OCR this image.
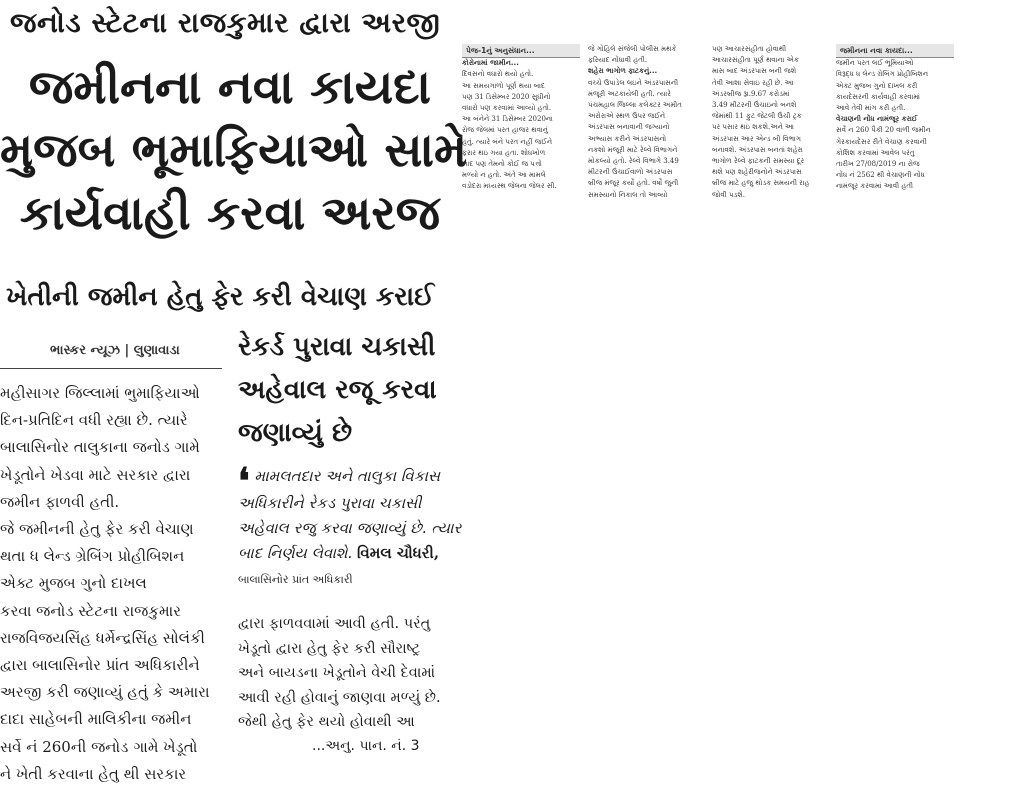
જનોડ સ્ટેટના રાજકુમાર દ્વારા અરજી
જમીનના નવા કાયદા
મુજબ ભૂમાફિયાઓ સામે
કાર્યવાહી કરવા અરજ
ખેતીની જમીન હેતુ ફેર કરી વેચાણ કરાઈ
ભાસ્કર ન્યૂઝ | લુણાવાડા
મહીસાગર જિલ્લામાં ભુમાફિયાઓ
દિન-પ્રતિદિન વધી રહ્યા છે. ત્યારે
બાલાસિનોર તાલુકાના જનોડ ગામે
ખેડૂતોને ખેડવા માટે સરકાર દ્વારા
જમીન ફાળવી હતી.
જે જમીનની હેતુ ફેર કરી વેચાણ
થતા ધ લેન્ડ ગ્રેબિંગ પ્રોહીબિશન
એક્ટ મુજબ ગુનો દાખલ
કરવા જનોડ સ્ટેટના રાજકુમાર
રાજવિજયસિંહ ધર્મેન્દ્રસિંહ સોલંકી
દ્વારા બાલાસિનોર પ્રાંત અધિકારીને
અરજી કરી જણાવ્યું હતું કે અમારા
દાદા સાહેબની માલિકીના જમીન
સર્વે નં 260ની જનોડ ગામે ખેડૂતો
ને ખેતી કરવાના હેતુ થી સરકાર
રેકર્ડ પુરાવા ચકાસી
અહેવાલ રજૂ કરવા
જણાવ્યું છે
❛ મામલતદાર અને તાલુકા વિકાસ અધિકારીને રેકડ પુરાવા ચકાસી અહેવાલ રજુ કરવા જણાવ્યું છે. ત્યાર બાદ નિર્ણય લેવાશે. વિમલ ચૌધરી, બાલાસિનોર પ્રાંત અધિકારી
દ્વારા ફાળવવામાં આવી હતી. પરંતુ
ખેડૂતો દ્વારા હેતુ ફેર કરી સૌરાષ્ટ્ર
અને બાયડના ખેડૂતોને વેચી દેવામાં
આવી રહી હોવાનું જાણવા મળ્યું છે.
જેથી હેતુ ફેર થયો હોવાથી આ
...અનુ. પાન. નં. 3
પેજ-1નું અનુસંધાન...
કોરોનામાં જામીન...
દિવસનો વધારો થયો હતો.
આ સમયગાળો પૂર્ણ થયા બાદ
પણ 31 ડિસેમ્બર 2020 સુધીનો
વધારો પણ કરવામાં આવ્યો હતો.
આ બંનેને 31 ડિસેમ્બર 2020ના
રોજ જેલમાં પરત હાજર થવાનું
હતું. ત્યારે બંને પરત નહીં જઈને
ફરાર થઇ ગયા હતા. શોધખોળ
બાદ પણ તેમનો કોઈ જ પત્તો
મળ્યો ન હતો. અંતે આ મામલે
વડોદરા મધ્યસ્થ જેલના જેલર સી.
જે ગોહિલે સંજેલી પોલીસ મથકે
ફરિયાદ નોંધાવી હતી.
શહેરા ભાગોળ ફાટકનું...
વચ્ચે ઉપાડેલ લઇને અંડરપાસની
મંજૂરી અટકાયેલી હતી. ત્યારે
પંચમહાલ જિલ્લા કલેક્ટર અમીત
અરોરાએ સ્થળ ઉપર જઈને
અંડરપાસ બનાવાની જગ્યાનો
અભ્યાસ કરીને અંડરપાસનો
નકશો મંજૂરી માટે રેલ્વે વિભાગને
મોકલ્યો હતો. રેલ્વે વિભાગે 3.49
મીટરની ઉંચાઈવાળો અંડરપાસ
બ્રીજ મંજૂર કર્યો હતો. વર્ષો જુની
સમસ્યાનો નિકાલ તો આવ્યો
પણ આચારસંહીતા હોવાથી
આચારસંહીતા પૂર્ણ થવાના એક
માસ બાદ અંડરપાસ બની જશે
તેવી આશા સેવાઇ રહી છે. આ
અંડરબ્રીજ રૂા.9.67 કરોડમાં
3.49 મીટરની ઉંચાઇનો બનશે
જેમાંથી 11 ફુટ જેટલી ઉંચી ટ્રક
પર પસાર થઇ શકશે.અને આ
અંડરપાસ આર એન્ડ બી વિભાગ
બનાવશે. અંડરપાસ બનતાં શહેરા
ભાગોળ રેલ્વે ફાટકની સમસ્યા દૂર
થશે પણ શહેરીજનોને અંડરપાસ
બ્રીજ માટે હજુ થોડક સમયની રાહ
જોવી પડશે.
જમીનના નવા કાયદા...
જમીન પરત લઈ ભૂમિયાઓ
વિરૂદ્ધ ધ લેન્ડ ગ્રેબિંગ પ્રોહીબિશન
એક્ટ મુજબ ગુનો દાખલ કરી
કાયદેસરની કાર્યવાહી કરવામાં
આવે તેવી માંગ કરી હતી.
વેચાણની નોંધ નામંજૂર કરાઈ
સર્વે ન 260 પૈકી 20 વાળી જમીન
ગેરકાયદેસર રીતે વેચાણ કરવાની
કોશિશ કરવામાં આવેલ પરંતુ
તારીખ 27/08/2019 ના રોજ
નોંધ નં 2562 થી વેચાણની નોંધ
નામંજૂર કરવામાં આવી હતી
